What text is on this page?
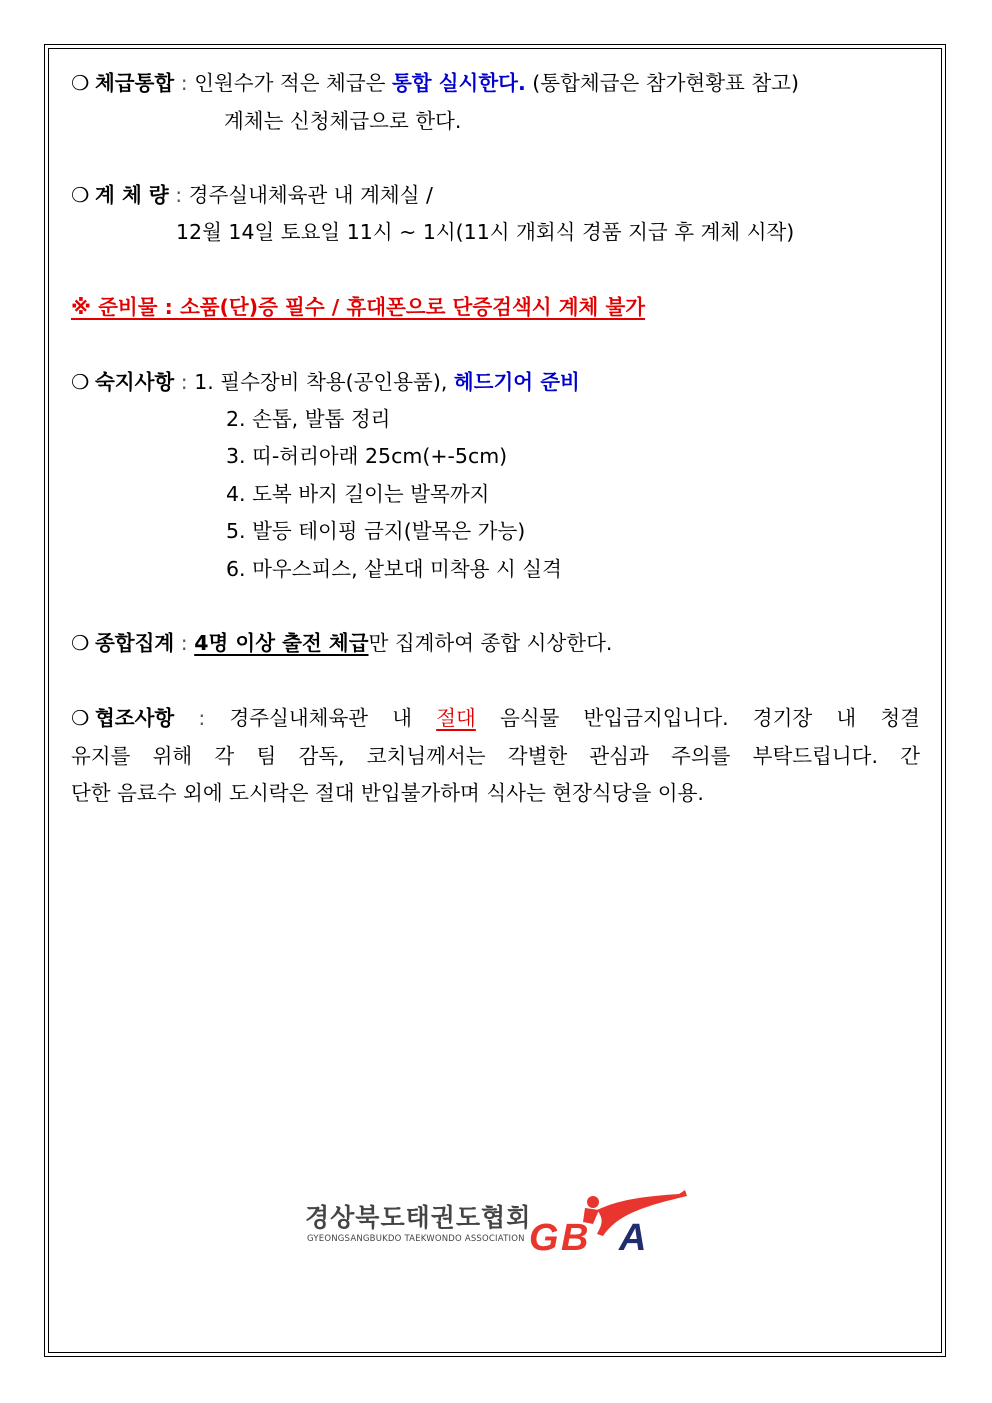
❍ 체급통합 : 인원수가 적은 체급은 통합 실시한다. (통합체급은 참가현황표 참고)
계체는 신청체급으로 한다.
❍ 계 체 량 : 경주실내체육관 내 계체실 /
12월 14일 토요일 11시 ~ 1시(11시 개회식 경품 지급 후 계체 시작)
※ 준비물 : 소품(단)증 필수 / 휴대폰으로 단증검색시 계체 불가
❍ 숙지사항 : 1. 필수장비 착용(공인용품), 헤드기어 준비
2. 손톱, 발톱 정리
3. 띠-허리아래 25cm(+-5cm)
4. 도복 바지 길이는 발목까지
5. 발등 테이핑 금지(발목은 가능)
6. 마우스피스, 샅보대 미착용 시 실격
❍ 종합집계 : 4명 이상 출전 체급만 집계하여 종합 시상한다.
❍ 협조사항 : 경주실내체육관 내 절대 음식물 반입금지입니다. 경기장 내 청결
유지를 위해 각 팀 감독, 코치님께서는 각별한 관심과 주의를 부탁드립니다. 간
단한 음료수 외에 도시락은 절대 반입불가하며 식사는 현장식당을 이용.
경상북도태권도협회
GYEONGSANGBUKDO TAEKWONDO ASSOCIATION G B A
